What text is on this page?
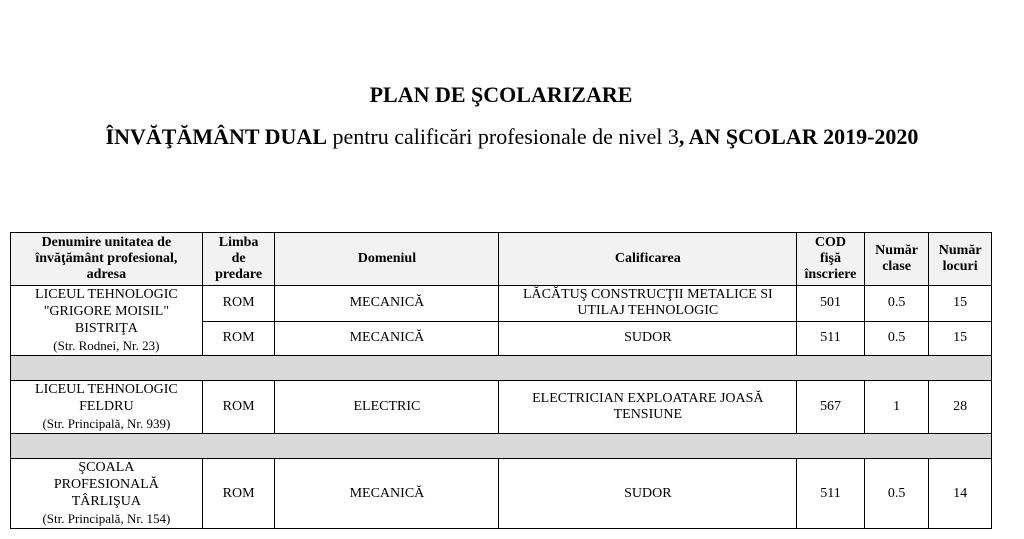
PLAN DE ŞCOLARIZARE
ÎNVĂŢĂMÂNT DUAL pentru calificări profesionale de nivel 3, AN ŞCOLAR 2019-2020
Denumire unitatea de
învăţământ profesional,
adresa	Limba
de
predare	Domeniul	Calificarea	COD
fişă
înscriere	Număr
clase	Număr
locuri
LICEUL TEHNOLOGIC
"GRIGORE MOISIL"
BISTRIŢA
(Str. Rodnei, Nr. 23)	ROM	MECANICĂ	LĂCĂTUŞ CONSTRUCŢII METALICE SI
UTILAJ TEHNOLOGIC	501	0.5	15
	ROM	MECANICĂ	SUDOR	511	0.5	15

LICEUL TEHNOLOGIC
FELDRU
(Str. Principală, Nr. 939)	ROM	ELECTRIC	ELECTRICIAN EXPLOATARE JOASĂ
TENSIUNE	567	1	28

ŞCOALA
PROFESIONALĂ
TÂRLIŞUA
(Str. Principală, Nr. 154)	ROM	MECANICĂ	SUDOR	511	0.5	14
